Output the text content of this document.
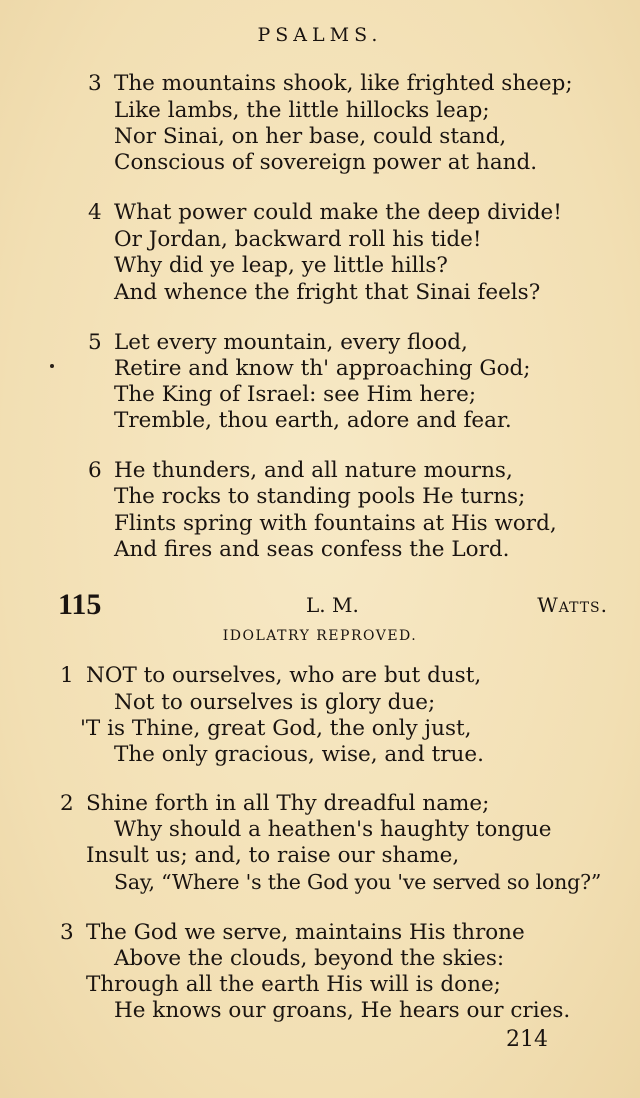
PSALMS.
3 The mountains shook, like frighted sheep;
Like lambs, the little hillocks leap;
Nor Sinai, on her base, could stand,
Conscious of sovereign power at hand.
4 What power could make the deep divide!
Or Jordan, backward roll his tide!
Why did ye leap, ye little hills?
And whence the fright that Sinai feels?
5 Let every mountain, every flood,
Retire and know th' approaching God;
The King of Israel: see Him here;
Tremble, thou earth, adore and fear.
6 He thunders, and all nature mourns,
The rocks to standing pools He turns;
Flints spring with fountains at His word,
And fires and seas confess the Lord.
115	L. M.	Watts.
IDOLATRY REPROVED.
1 NOT to ourselves, who are but dust,
Not to ourselves is glory due;
'T is Thine, great God, the only just,
The only gracious, wise, and true.
2 Shine forth in all Thy dreadful name;
Why should a heathen's haughty tongue
Insult us; and, to raise our shame,
Say, “Where 's the God you 've served so long?”
3 The God we serve, maintains His throne
Above the clouds, beyond the skies:
Through all the earth His will is done;
He knows our groans, He hears our cries.
214
